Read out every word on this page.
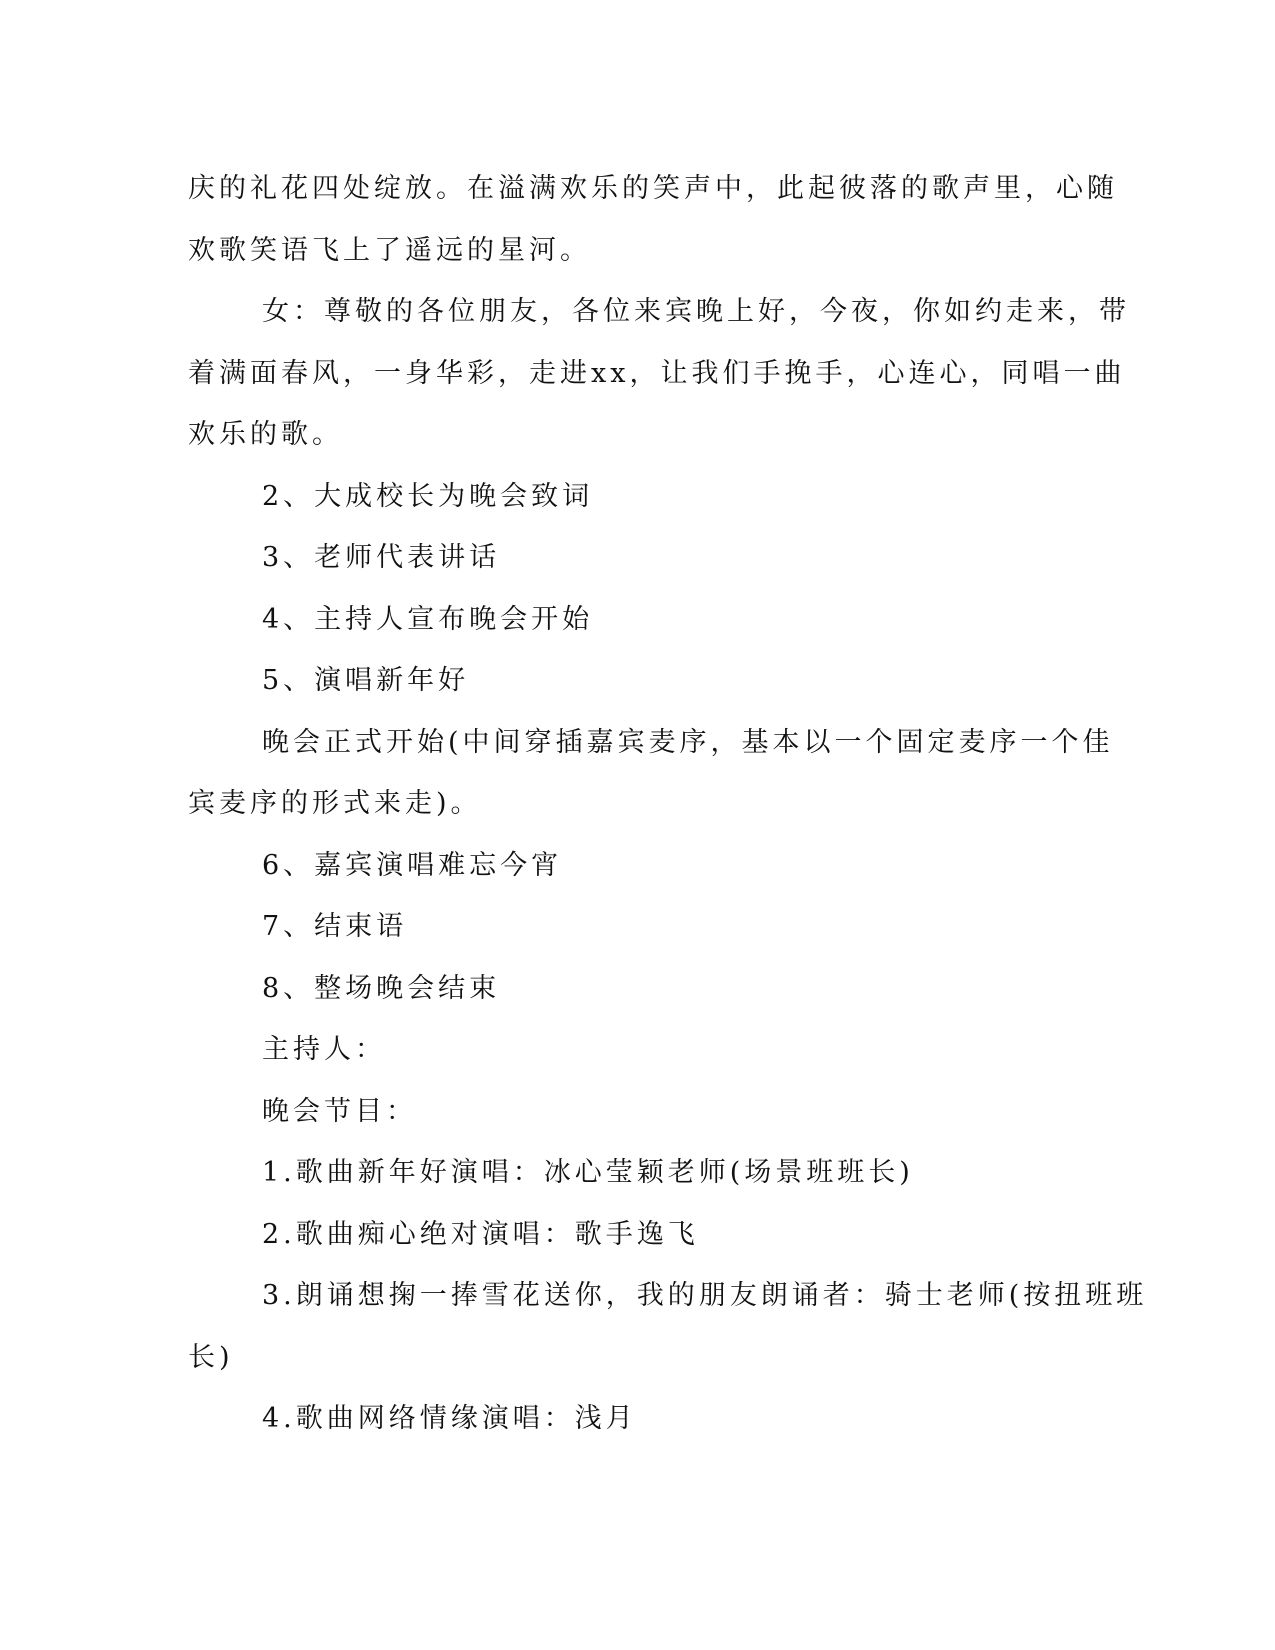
庆的礼花四处绽放。在溢满欢乐的笑声中，此起彼落的歌声里，心随
欢歌笑语飞上了遥远的星河。
女：尊敬的各位朋友，各位来宾晚上好，今夜，你如约走来，带
着满面春风，一身华彩，走进xx，让我们手挽手，心连心，同唱一曲
欢乐的歌。
2、大成校长为晚会致词
3、老师代表讲话
4、主持人宣布晚会开始
5、演唱新年好
晚会正式开始(中间穿插嘉宾麦序，基本以一个固定麦序一个佳
宾麦序的形式来走)。
6、嘉宾演唱难忘今宵
7、结束语
8、整场晚会结束
主持人：
晚会节目：
1.歌曲新年好演唱：冰心莹颖老师(场景班班长)
2.歌曲痴心绝对演唱：歌手逸飞
3.朗诵想掬一捧雪花送你，我的朋友朗诵者：骑士老师(按扭班班
长)
4.歌曲网络情缘演唱：浅月
